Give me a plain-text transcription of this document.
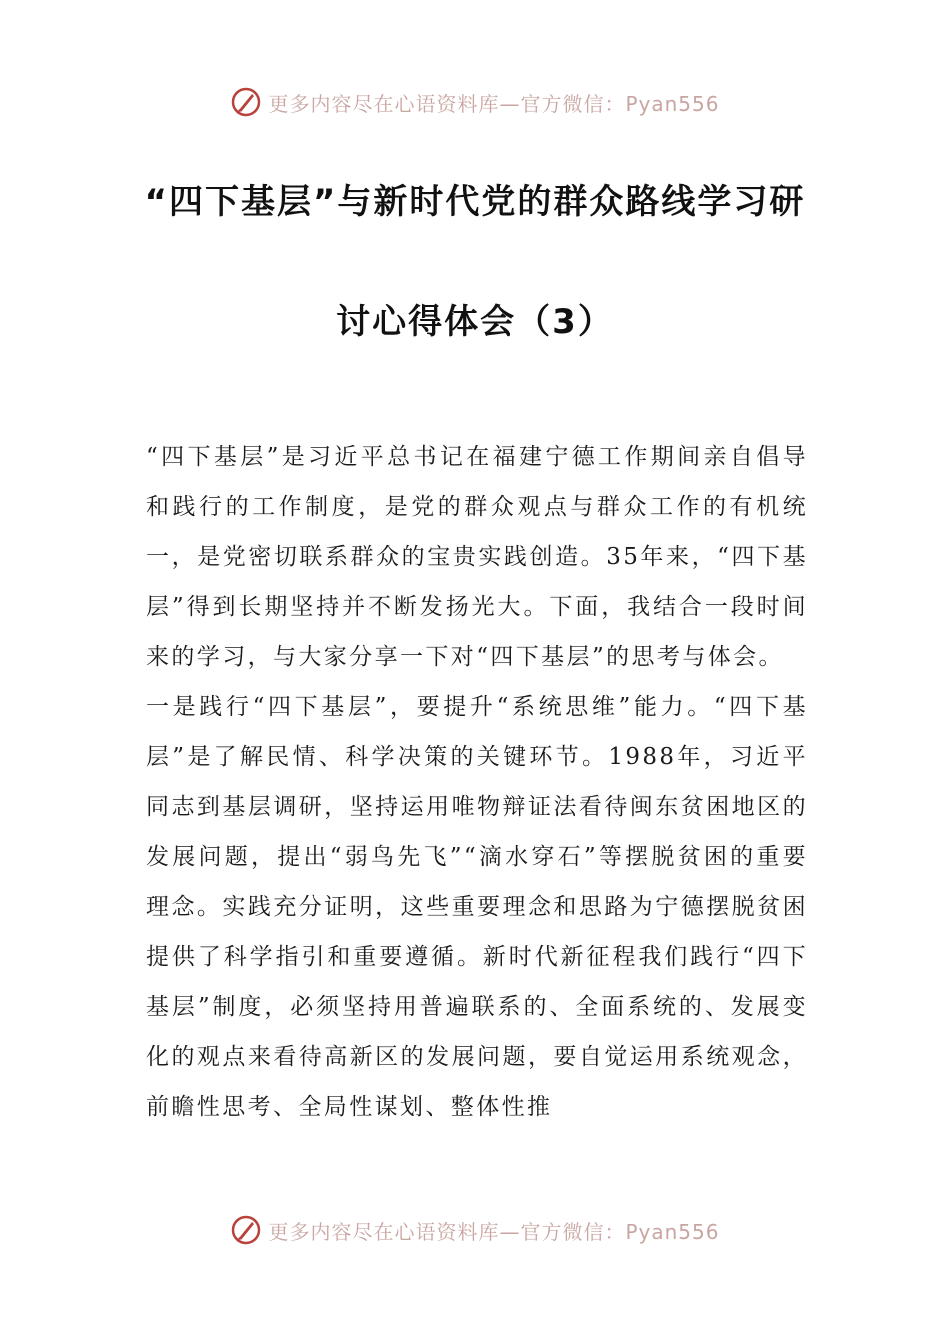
更多内容尽在心语资料库—官方微信：Pyan556
“四下基层”与新时代党的群众路线学习研
讨心得体会（3）

“四下基层”是习近平总书记在福建宁德工作期间亲自倡导和践行的工作制度，是党的群众观点与群众工作的有机统一，是党密切联系群众的宝贵实践创造。35年来，“四下基层”得到长期坚持并不断发扬光大。下面，我结合一段时间来的学习，与大家分享一下对“四下基层”的思考与体会。

一是践行“四下基层”，要提升“系统思维”能力。“四下基层”是了解民情、科学决策的关键环节。1988年，习近平同志到基层调研，坚持运用唯物辩证法看待闽东贫困地区的发展问题，提出“弱鸟先飞”“滴水穿石”等摆脱贫困的重要理念。实践充分证明，这些重要理念和思路为宁德摆脱贫困提供了科学指引和重要遵循。新时代新征程我们践行“四下基层”制度，必须坚持用普遍联系的、全面系统的、发展变化的观点来看待高新区的发展问题，要自觉运用系统观念，前瞻性思考、全局性谋划、整体性推

更多内容尽在心语资料库—官方微信：Pyan556
